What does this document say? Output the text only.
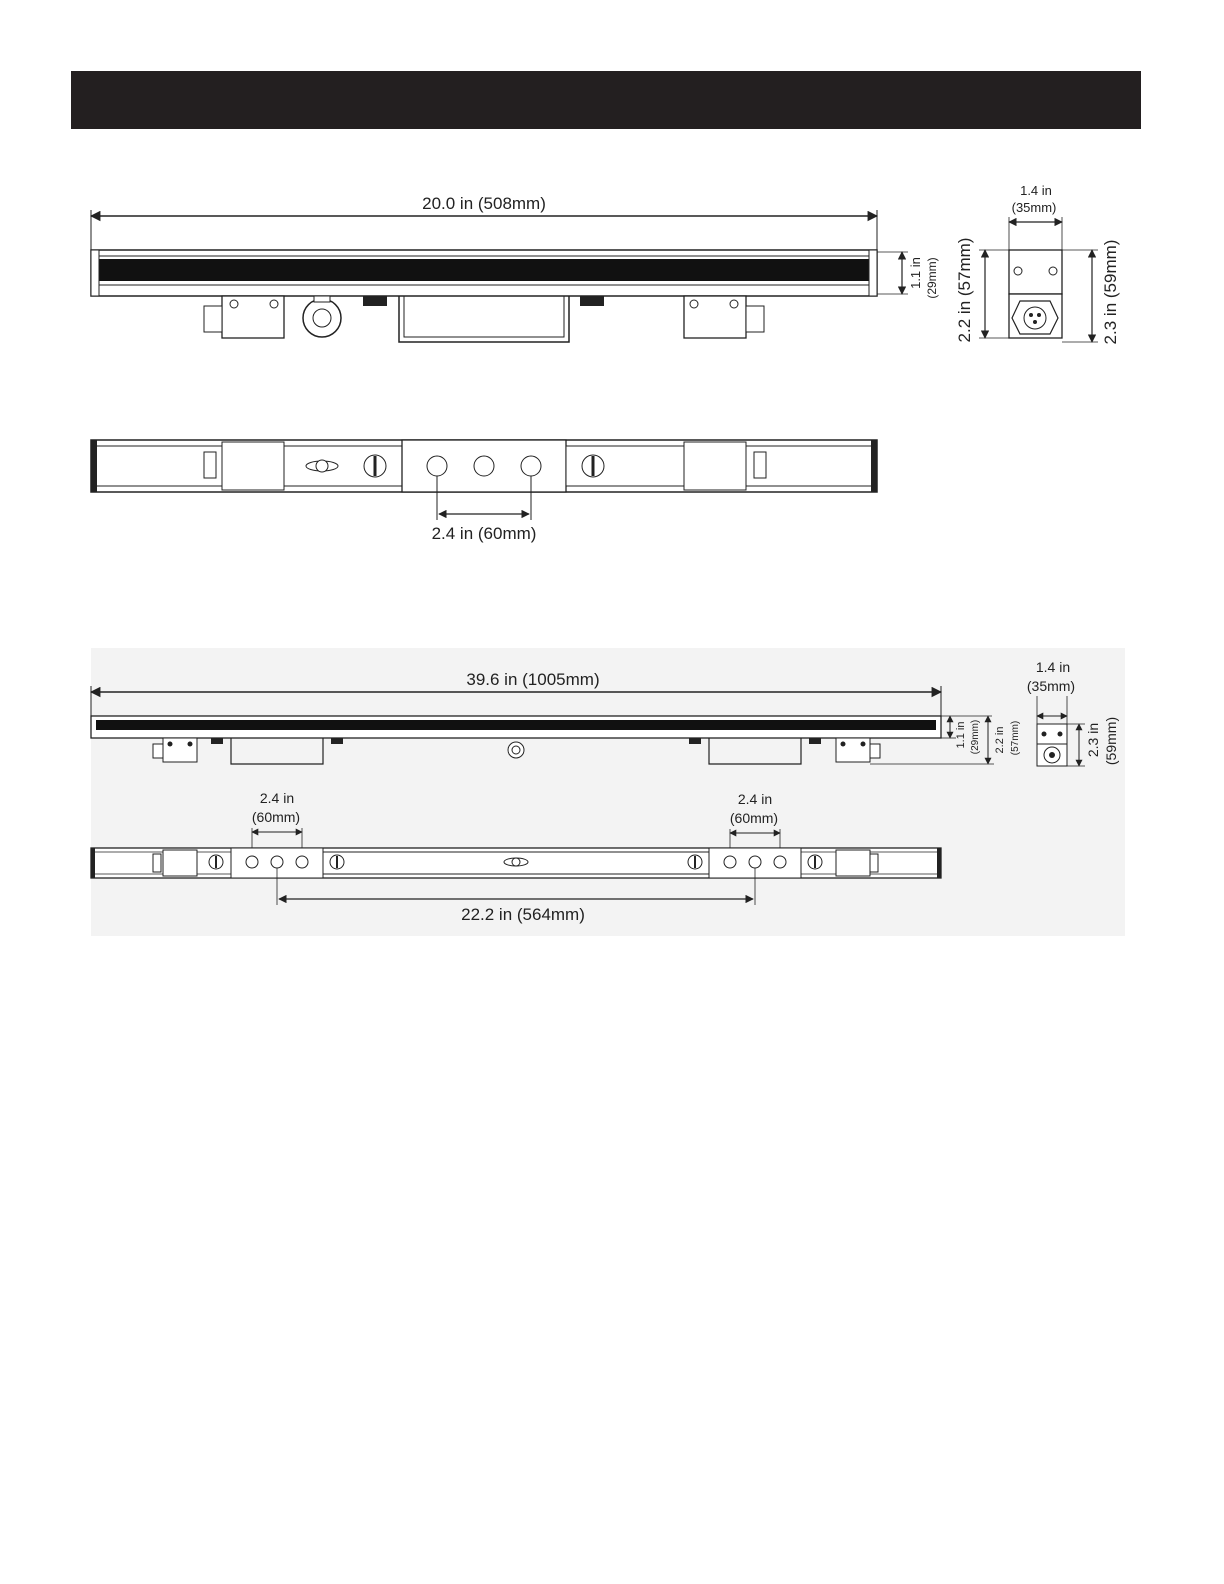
20.0 in (508mm)
1.1 in (29mm)
1.4 in
(35mm)
2.2 in (57mm)	2.3 in (59mm)
2.4 in (60mm)
39.6 in (1005mm)
1.1 in (29mm) 2.2 in (57mm)
1.4 in
(35mm)
2.3 in (59mm)
2.4 in
(60mm)
2.4 in
(60mm)
22.2 in (564mm)
